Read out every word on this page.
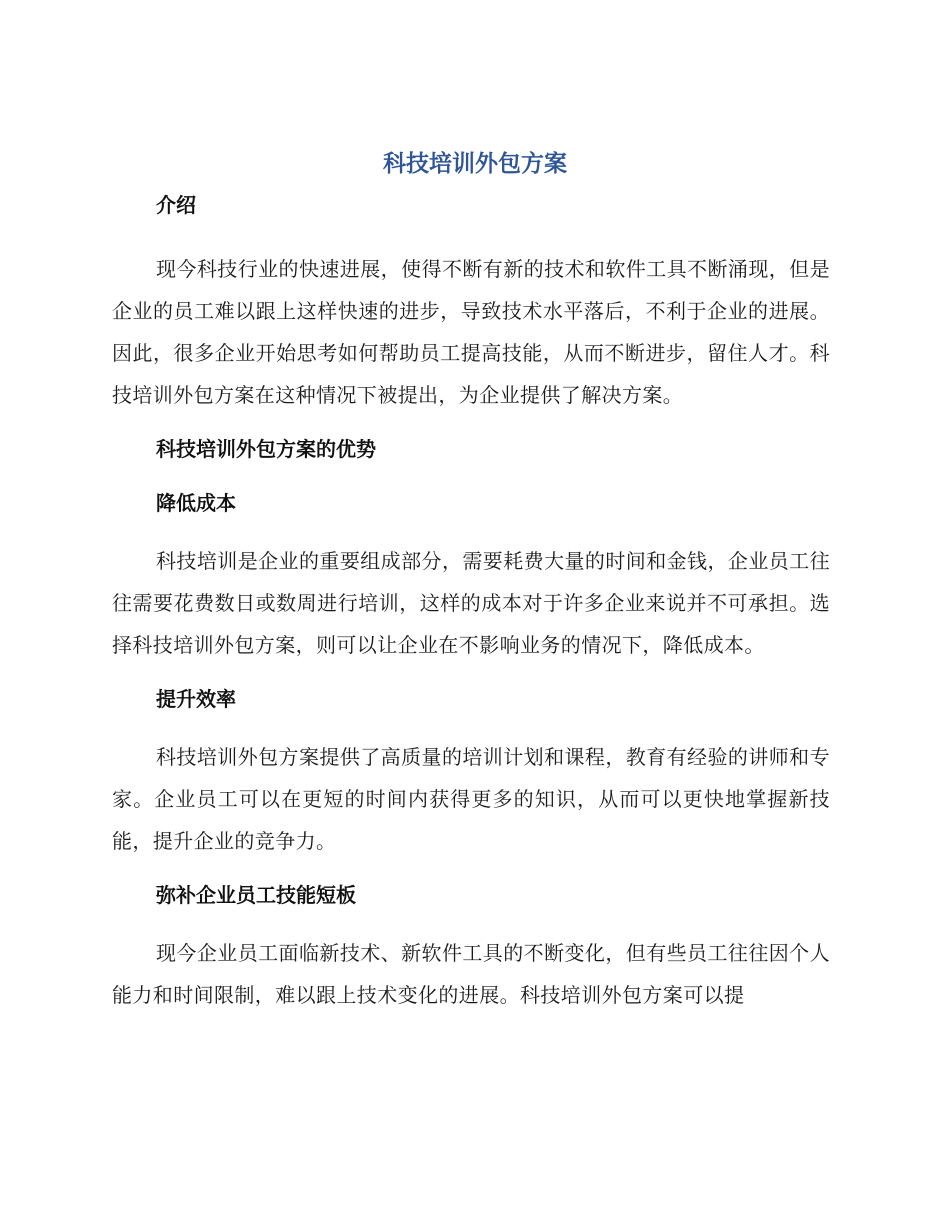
科技培训外包方案
介绍

现今科技行业的快速进展，使得不断有新的技术和软件工具不断涌现，但是企业的员工难以跟上这样快速的进步，导致技术水平落后，不利于企业的进展。因此，很多企业开始思考如何帮助员工提高技能，从而不断进步，留住人才。科技培训外包方案在这种情况下被提出，为企业提供了解决方案。

科技培训外包方案的优势
降低成本

科技培训是企业的重要组成部分，需要耗费大量的时间和金钱，企业员工往往需要花费数日或数周进行培训，这样的成本对于许多企业来说并不可承担。选择科技培训外包方案，则可以让企业在不影响业务的情况下，降低成本。

提升效率

科技培训外包方案提供了高质量的培训计划和课程，教育有经验的讲师和专家。企业员工可以在更短的时间内获得更多的知识，从而可以更快地掌握新技能，提升企业的竞争力。

弥补企业员工技能短板

现今企业员工面临新技术、新软件工具的不断变化，但有些员工往往因个人能力和时间限制，难以跟上技术变化的进展。科技培训外包方案可以提
